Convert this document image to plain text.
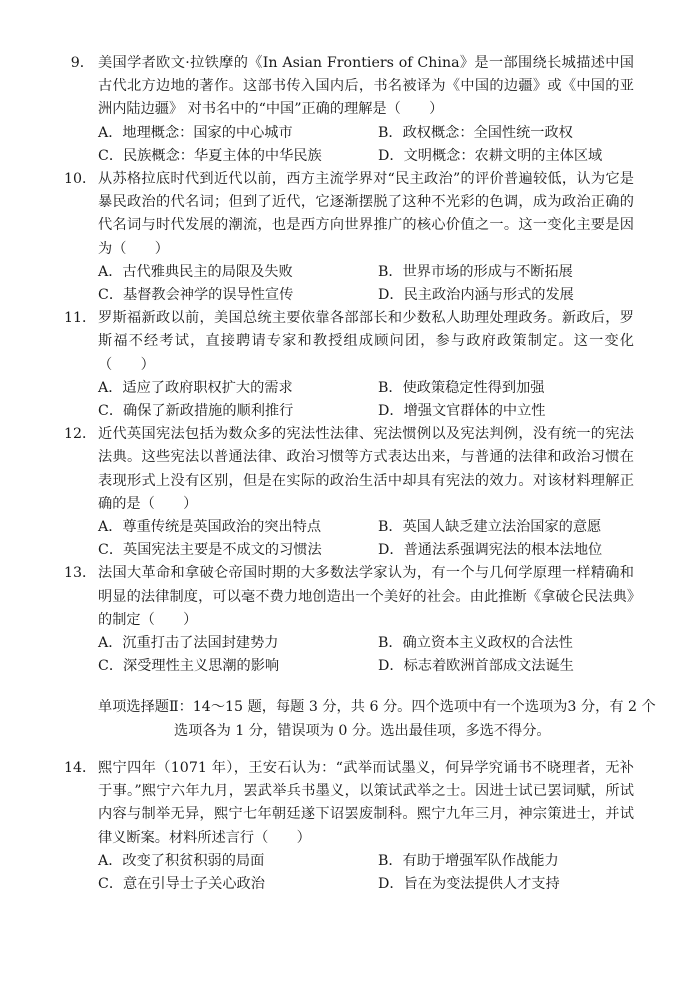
9． 美国学者欧文·拉铁摩的《In Asian Frontiers of China》是一部围绕长城描述中国古代北方边地的著作。这部书传入国内后，书名被译为《中国的边疆》或《中国的亚洲内陆边疆》 对书名中的“中国”正确的理解是（　　）
A．地理概念：国家的中心城市	B．政权概念：全国性统一政权
C．民族概念：华夏主体的中华民族	D．文明概念：农耕文明的主体区域
10． 从苏格拉底时代到近代以前，西方主流学界对“民主政治”的评价普遍较低，认为它是暴民政治的代名词；但到了近代，它逐渐摆脱了这种不光彩的色调，成为政治正确的代名词与时代发展的潮流，也是西方向世界推广的核心价值之一。这一变化主要是因为（　　）
A．古代雅典民主的局限及失败	B．世界市场的形成与不断拓展
C．基督教会神学的误导性宣传	D．民主政治内涵与形式的发展
11． 罗斯福新政以前，美国总统主要依靠各部部长和少数私人助理处理政务。新政后，罗斯福不经考试，直接聘请专家和教授组成顾问团，参与政府政策制定。这一变化（　　）
A．适应了政府职权扩大的需求	B．使政策稳定性得到加强
C．确保了新政措施的顺利推行	D．增强文官群体的中立性
12． 近代英国宪法包括为数众多的宪法性法律、宪法惯例以及宪法判例，没有统一的宪法法典。这些宪法以普通法律、政治习惯等方式表达出来，与普通的法律和政治习惯在表现形式上没有区别，但是在实际的政治生活中却具有宪法的效力。对该材料理解正确的是（　　）
A．尊重传统是英国政治的突出特点	B．英国人缺乏建立法治国家的意愿
C．英国宪法主要是不成文的习惯法	D．普通法系强调宪法的根本法地位
13． 法国大革命和拿破仑帝国时期的大多数法学家认为，有一个与几何学原理一样精确和明显的法律制度，可以毫不费力地创造出一个美好的社会。由此推断《拿破仑民法典》的制定（　　）
A．沉重打击了法国封建势力	B．确立资本主义政权的合法性
C．深受理性主义思潮的影响	D．标志着欧洲首部成文法诞生
单项选择题Ⅱ：14～15 题，每题 3 分，共 6 分。四个选项中有一个选项为3 分，有 2 个
选项各为 1 分，错误项为 0 分。选出最佳项，多选不得分。
14． 熙宁四年（1071 年），王安石认为：“武举而试墨义，何异学究诵书不晓理者，无补于事。”熙宁六年九月，罢武举兵书墨义，以策试武举之士。因进士试已罢词赋，所试内容与制举无异，熙宁七年朝廷遂下诏罢废制科。熙宁九年三月，神宗策进士，并试律义断案。材料所述言行（　　）
A．改变了积贫积弱的局面	B．有助于增强军队作战能力
C．意在引导士子关心政治	D．旨在为变法提供人才支持
